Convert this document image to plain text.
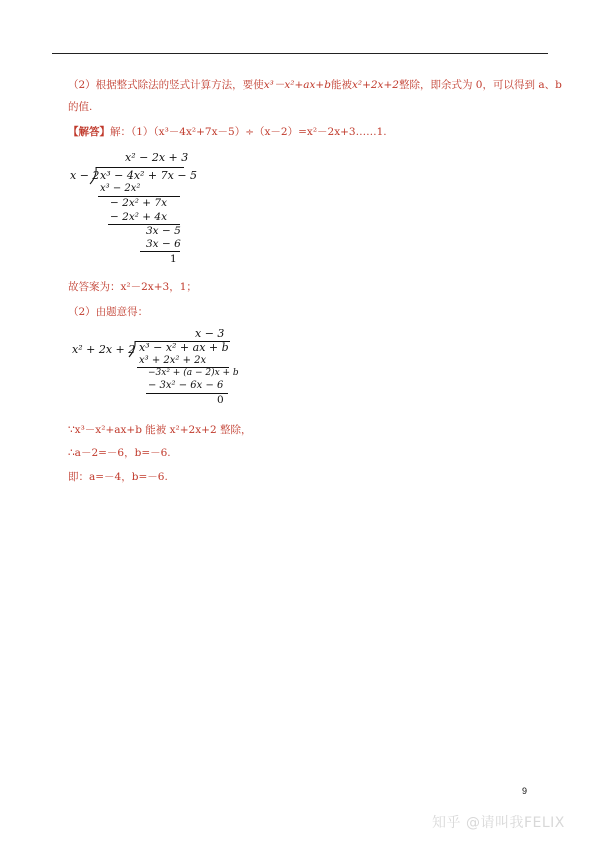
（2）根据整式除法的竖式计算方法，要使x³－x²+ax+b能被x²+2x+2整除，即余式为 0，可以得到 a、b
的值.
【解答】解：（1）（x³－4x²+7x－5）÷（x－2）=x²－2x+3……1.
x² − 2x + 3
x − 2 x³ − 4x² + 7x − 5
x³ − 2x²
− 2x² + 7x
− 2x² + 4x
3x − 5
3x − 6
1
故答案为：x²－2x+3，1；
（2）由题意得：
x − 3
x² + 2x + 2 x³ − x² + ax + b
x³ + 2x² + 2x
−3x² + (a − 2)x + b
− 3x² − 6x − 6
0
∵x³－x²+ax+b 能被 x²+2x+2 整除，
∴a－2=－6，b=－6.
即：a=－4，b=－6.
9
知乎 @请叫我FELIX
